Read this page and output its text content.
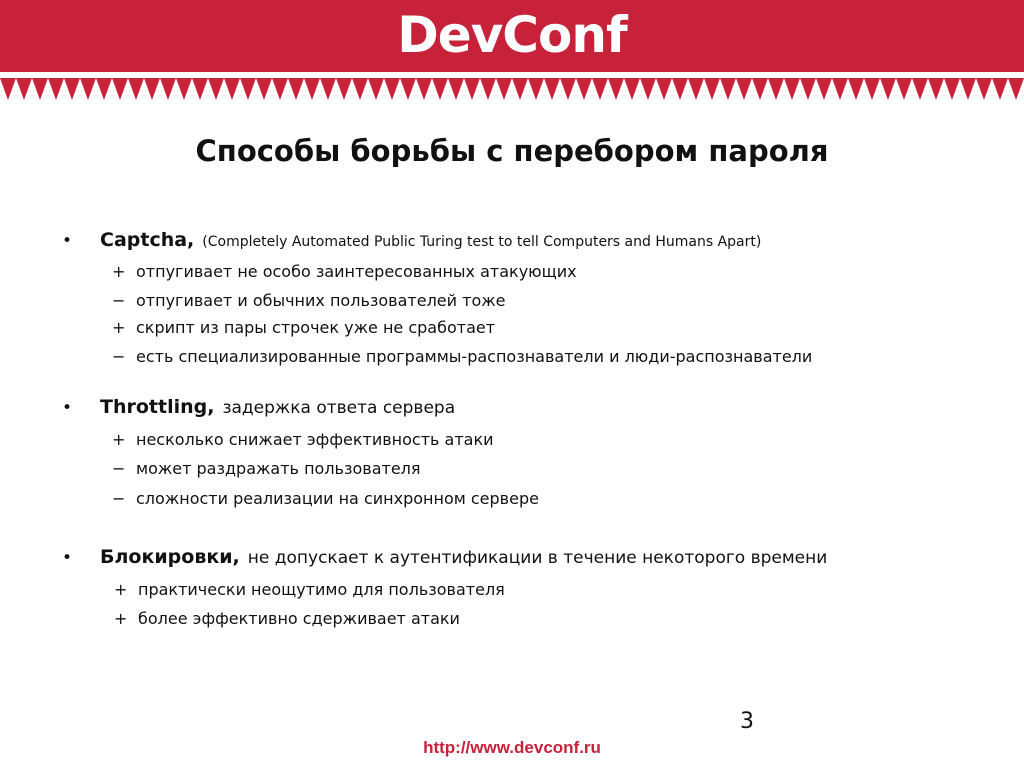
DevConf
Способы борьбы с перебором пароля
• Captcha, (Completely Automated Public Turing test to tell Computers and Humans Apart)
+ отпугивает не особо заинтересованных атакующих
− отпугивает и обычних пользователей тоже
+ скрипт из пары строчек уже не сработает
− есть специализированные программы-распознаватели и люди-распознаватели
• Throttling, задержка ответа сервера
+ несколько снижает эффективность атаки
− может раздражать пользователя
− сложности реализации на синхронном сервере
• Блокировки, не допускает к аутентификации в течение некоторого времени
+ практически неощутимо для пользователя
+ более эффективно сдерживает атаки
3
http://www.devconf.ru
